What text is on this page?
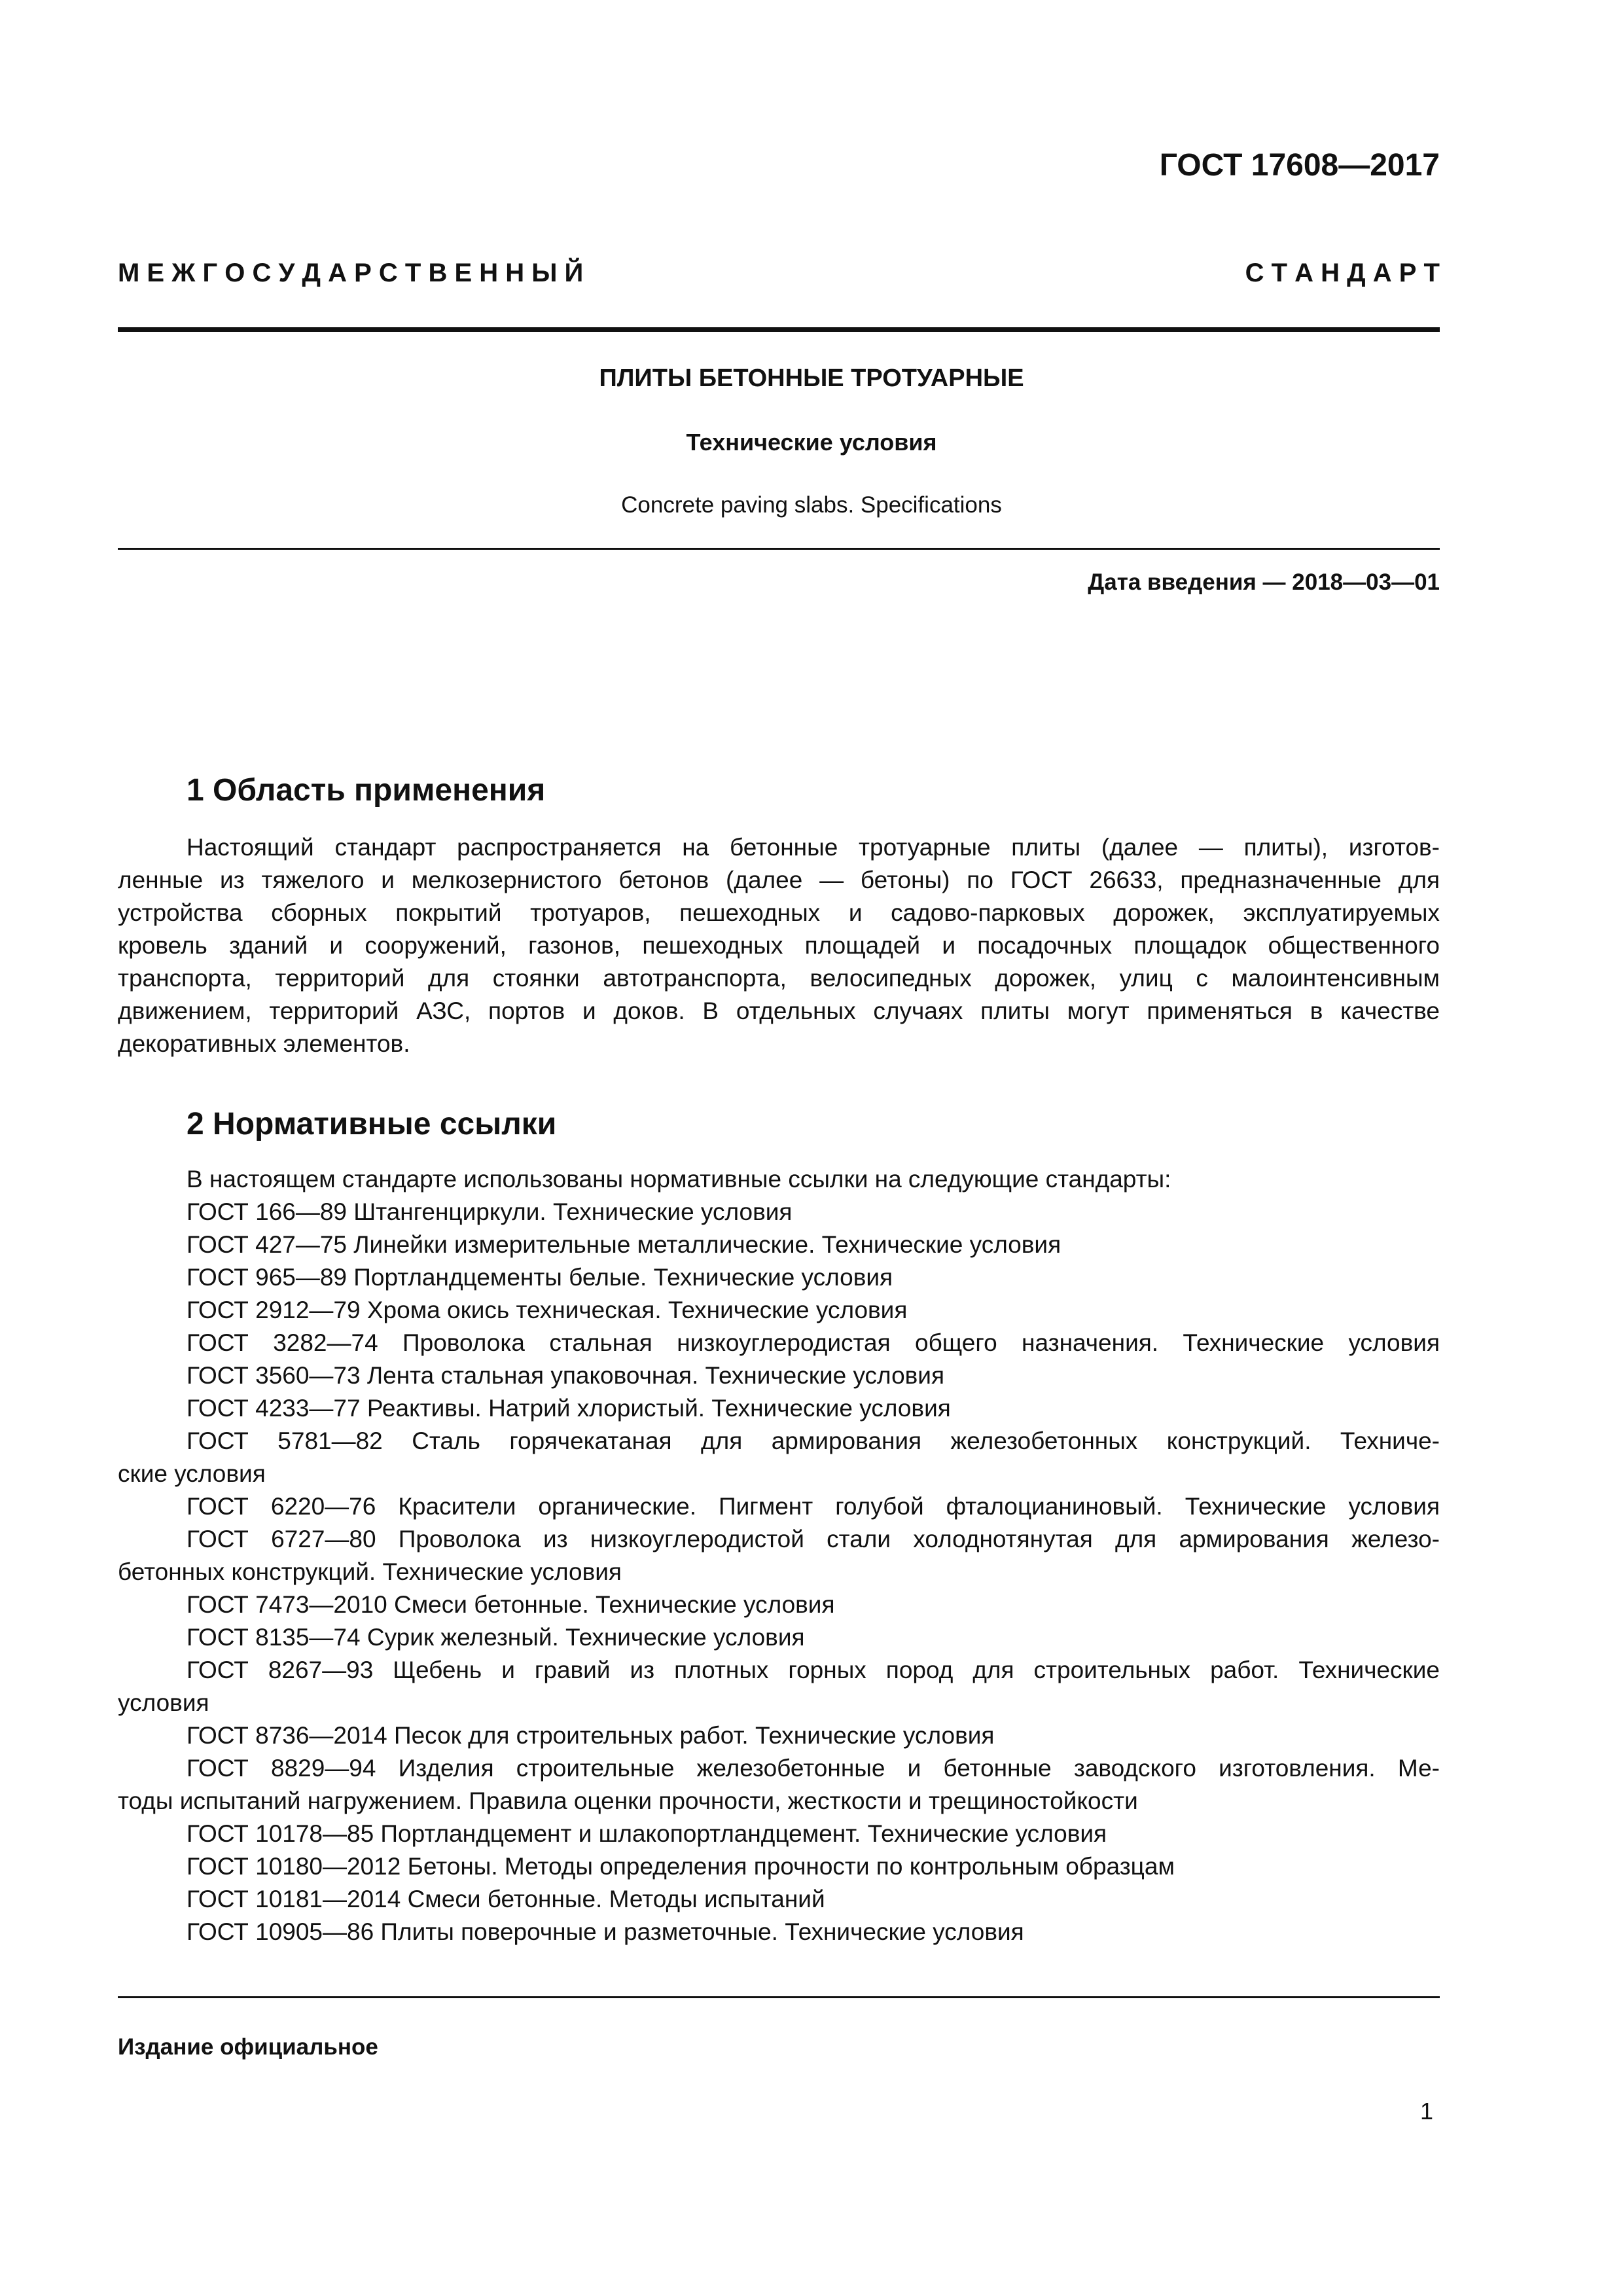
ГОСТ 17608—2017
М Е Ж Г О С У Д А Р С Т В Е Н Н Ы Й	С Т А Н Д А Р Т
ПЛИТЫ БЕТОННЫЕ ТРОТУАРНЫЕ
Технические условия
Concrete paving slabs. Specifications
Дата введения — 2018—03—01
1 Область применения
Настоящий стандарт распространяется на бетонные тротуарные плиты (далее — плиты), изготов-
ленные из тяжелого и мелкозернистого бетонов (далее — бетоны) по ГОСТ 26633, предназначенные для
устройства сборных покрытий тротуаров, пешеходных и садово-парковых дорожек, эксплуатируемых
кровель зданий и сооружений, газонов, пешеходных площадей и посадочных площадок общественного
транспорта, территорий для стоянки автотранспорта, велосипедных дорожек, улиц с малоинтенсивным
движением, территорий АЗС, портов и доков. В отдельных случаях плиты могут применяться в качестве
декоративных элементов.
2 Нормативные ссылки
В настоящем стандарте использованы нормативные ссылки на следующие стандарты:
ГОСТ 166—89 Штангенциркули. Технические условия
ГОСТ 427—75 Линейки измерительные металлические. Технические условия
ГОСТ 965—89 Портландцементы белые. Технические условия
ГОСТ 2912—79 Хрома окись техническая. Технические условия
ГОСТ 3282—74 Проволока стальная низкоуглеродистая общего назначения. Технические условия
ГОСТ 3560—73 Лента стальная упаковочная. Технические условия
ГОСТ 4233—77 Реактивы. Натрий хлористый. Технические условия
ГОСТ 5781—82 Сталь горячекатаная для армирования железобетонных конструкций. Техниче-
ские условия
ГОСТ 6220—76 Красители органические. Пигмент голубой фталоцианиновый. Технические условия
ГОСТ 6727—80 Проволока из низкоуглеродистой стали холоднотянутая для армирования железо-
бетонных конструкций. Технические условия
ГОСТ 7473—2010 Смеси бетонные. Технические условия
ГОСТ 8135—74 Сурик железный. Технические условия
ГОСТ 8267—93 Щебень и гравий из плотных горных пород для строительных работ. Технические
условия
ГОСТ 8736—2014 Песок для строительных работ. Технические условия
ГОСТ 8829—94 Изделия строительные железобетонные и бетонные заводского изготовления. Ме-
тоды испытаний нагружением. Правила оценки прочности, жесткости и трещиностойкости
ГОСТ 10178—85 Портландцемент и шлакопортландцемент. Технические условия
ГОСТ 10180—2012 Бетоны. Методы определения прочности по контрольным образцам
ГОСТ 10181—2014 Смеси бетонные. Методы испытаний
ГОСТ 10905—86 Плиты поверочные и разметочные. Технические условия
Издание официальное
1
